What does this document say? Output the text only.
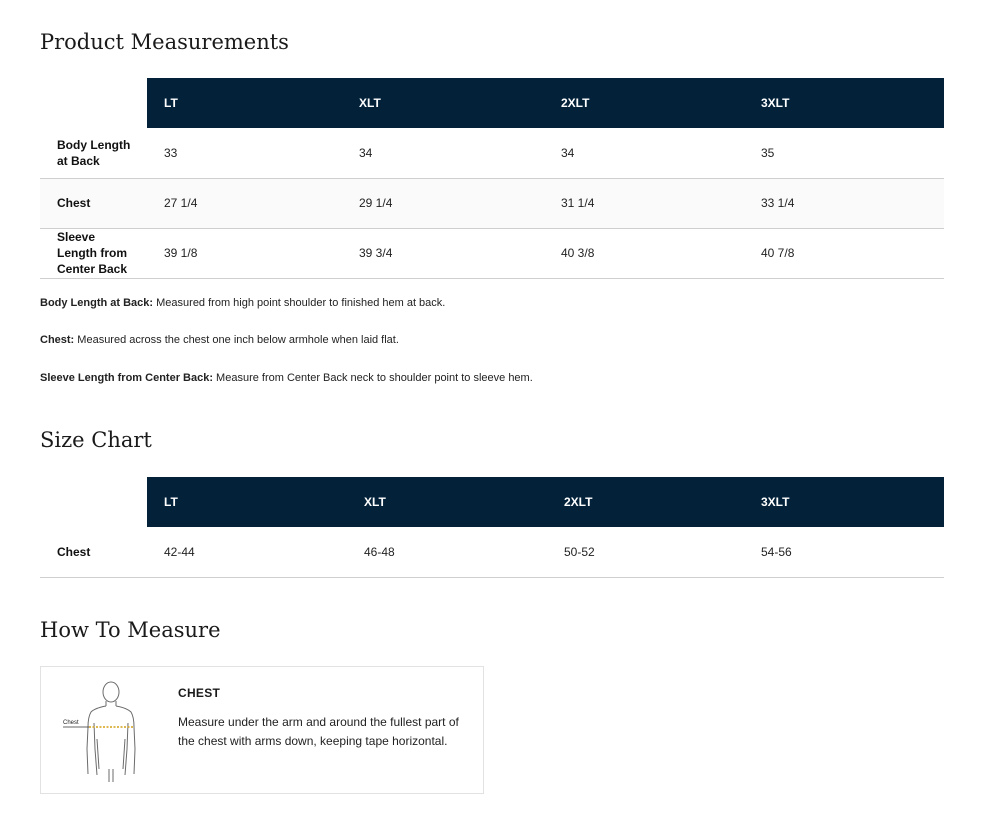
Product Measurements
	LT	XLT	2XLT	3XLT

Body Length at Back	33	34	34	35

Chest	27 1/4	29 1/4	31 1/4	33 1/4

Sleeve Length from Center Back	39 1/8	39 3/4	40 3/8	40 7/8
Body Length at Back: Measured from high point shoulder to finished hem at back.
Chest: Measured across the chest one inch below armhole when laid flat.
Sleeve Length from Center Back: Measure from Center Back neck to shoulder point to sleeve hem.
Size Chart
	LT	XLT	2XLT	3XLT
Chest	42-44	46-48	50-52	54-56
How To Measure
Chest
CHEST
Measure under the arm and around the fullest part of the chest with arms down, keeping tape horizontal.
